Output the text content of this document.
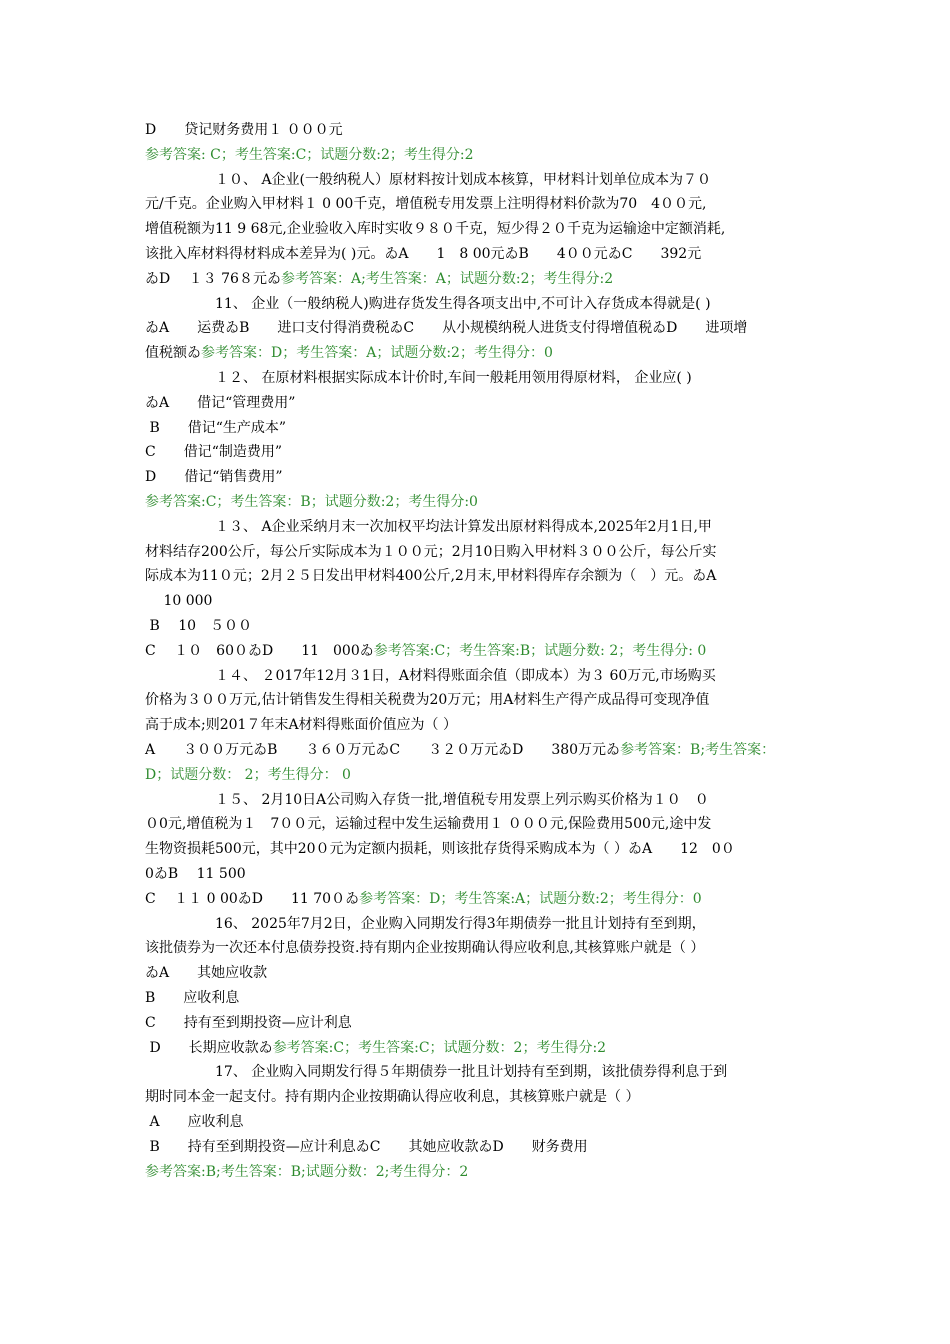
D　　贷记财务费用１ ０００元
参考答案: C；考生答案:C；试题分数:2；考生得分:2
　　　　　１０、 A企业(一般纳税人）原材料按计划成本核算，甲材料计划单位成本为７０
元/千克。企业购入甲材料１ 0 00千克，增值税专用发票上注明得材料价款为70　4００元,
增值税额为11 9 68元,企业验收入库时实收９８０千克，短少得２０千克为运输途中定额消耗,
该批入库材料得材料成本差异为( )元。ゐA　　1　8 00元ゐB　　4００元ゐC　　392元
ゐD　 １３ 76８元ゐ参考答案：A;考生答案：A；试题分数:2；考生得分:2
　　　　　11、 企业（一般纳税人)购进存货发生得各项支出中,不可计入存货成本得就是( )
ゐA　　运费ゐB　　进口支付得消费税ゐC　　从小规模纳税人进货支付得增值税ゐD　　进项增
值税额ゐ参考答案：D；考生答案：A；试题分数:2；考生得分：0
　　　　　１２、 在原材料根据实际成本计价时,车间一般耗用领用得原材料， 企业应( )
ゐA　　借记“管理费用”
B　　借记“生产成本”
C　　借记“制造费用”
D　　借记“销售费用”
参考答案:C；考生答案：B；试题分数:2；考生得分:0
　　　　　１３、 A企业采纳月末一次加权平均法计算发出原材料得成本,2025年2月1日,甲
材料结存200公斤，每公斤实际成本为１００元；2月10日购入甲材料３００公斤，每公斤实
际成本为11０元；2月２５日发出甲材料400公斤,2月末,甲材料得库存余额为（　）元。ゐA
　 10 000
B　 10　５００
C　 １０　60０ゐD　　11　000ゐ参考答案:C；考生答案:B；试题分数: 2；考生得分: 0
　　　　　１４、 ２017年12月３1日，A材料得账面余值（即成本）为３ 60万元,市场购买
价格为３００万元,估计销售发生得相关税费为20万元；用A材料生产得产成品得可变现净值
高于成本;则201７年末A材料得账面价值应为（ ）
A　　３００万元ゐB　　３６０万元ゐC　　３２０万元ゐD　　380万元ゐ参考答案：B;考生答案：
D；试题分数： 2；考生得分： 0
　　　　　１５、 2月10日A公司购入存货一批,增值税专用发票上列示购买价格为１０　０
０0元,增值税为１　7００元，运输过程中发生运输费用１ ０００元,保险费用500元,途中发
生物资损耗500元，其中20０元为定额内损耗，则该批存货得采购成本为（ ）ゐA　　12　0０
0ゐB　 11 500
C　 １１ 0 00ゐD　　11 70０ゐ参考答案：D；考生答案:A；试题分数:2；考生得分：0
　　　　　16、 2025年7月2日，企业购入同期发行得3年期债券一批且计划持有至到期，
该批债券为一次还本付息债券投资.持有期内企业按期确认得应收利息,其核算账户就是（ ）
ゐA　　其她应收款
B　　应收利息
C　　持有至到期投资—应计利息
D　　长期应收款ゐ参考答案:C；考生答案:C；试题分数：2；考生得分:2
　　　　　17、 企业购入同期发行得５年期债券一批且计划持有至到期，该批债券得利息于到
期时同本金一起支付。持有期内企业按期确认得应收利息，其核算账户就是（ ）
A　　应收利息
B　　持有至到期投资—应计利息ゐC　　其她应收款ゐD　　财务费用
参考答案:B;考生答案：B;试题分数：2;考生得分：2
